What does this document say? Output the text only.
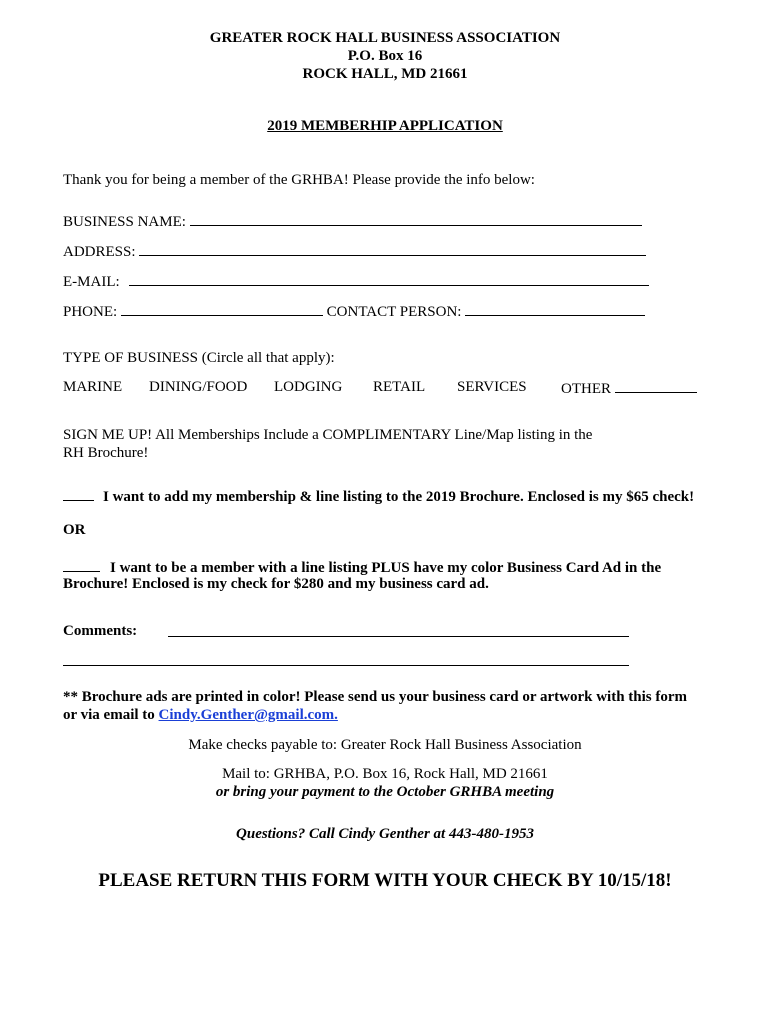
GREATER ROCK HALL BUSINESS ASSOCIATION
P.O. Box 16
ROCK HALL, MD 21661
2019 MEMBERHIP APPLICATION
Thank you for being a member of the GRHBA! Please provide the info below:
BUSINESS NAME:
ADDRESS:
E-MAIL:
PHONE:	CONTACT PERSON:
TYPE OF BUSINESS (Circle all that apply):
MARINE DINING/FOOD LODGING RETAIL SERVICES OTHER
SIGN ME UP! All Memberships Include a COMPLIMENTARY Line/Map listing in the
RH Brochure!
I want to add my membership & line listing to the 2019 Brochure. Enclosed is my $65 check!
OR
I want to be a member with a line listing PLUS have my color Business Card Ad in the
Brochure! Enclosed is my check for $280 and my business card ad.
Comments:
** Brochure ads are printed in color! Please send us your business card or artwork with this form
or via email to Cindy.Genther@gmail.com.
Make checks payable to: Greater Rock Hall Business Association
Mail to: GRHBA, P.O. Box 16, Rock Hall, MD 21661
or bring your payment to the October GRHBA meeting
Questions? Call Cindy Genther at 443-480-1953
PLEASE RETURN THIS FORM WITH YOUR CHECK BY 10/15/18!
